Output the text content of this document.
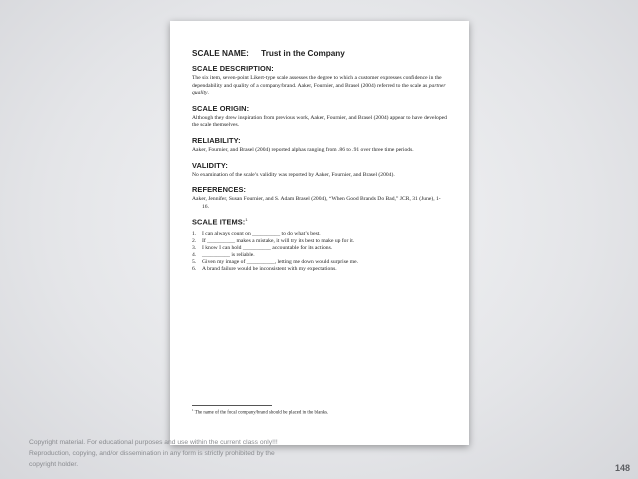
SCALE NAME: Trust in the Company
SCALE DESCRIPTION:

The six item, seven-point Likert-type scale assesses the degree to which a customer expresses confidence in the dependability and quality of a company/brand. Aaker, Fournier, and Brasel (2004) referred to the scale as partner quality.

SCALE ORIGIN:

Although they drew inspiration from previous work, Aaker, Fournier, and Brasel (2004) appear to have developed the scale themselves.

RELIABILITY:

Aaker, Fournier, and Brasel (2004) reported alphas ranging from .86 to .91 over three time periods.

VALIDITY:

No examination of the scale’s validity was reported by Aaker, Fournier, and Brasel (2004).

REFERENCES:

Aaker, Jennifer, Susan Fournier, and S. Adam Brasel (2004), “When Good Brands Do Bad,” JCR, 31 (June), 1-16.

SCALE ITEMS:$^1$
1.	I can always count on __________ to do what’s best.
2.	If __________ makes a mistake, it will try its best to make up for it.
3.	I know I can hold __________ accountable for its actions.
4.	__________ is reliable.
5.	Given my image of __________, letting me down would surprise me.
6.	A brand failure would be inconsistent with my expectations.
$^1$ The name of the focal company/brand should be placed in the blanks.
Copyright material. For educational purposes and use within the current class only!!! Reproduction, copying, and/or dissemination in any form is strictly prohibited by the copyright holder.	148
